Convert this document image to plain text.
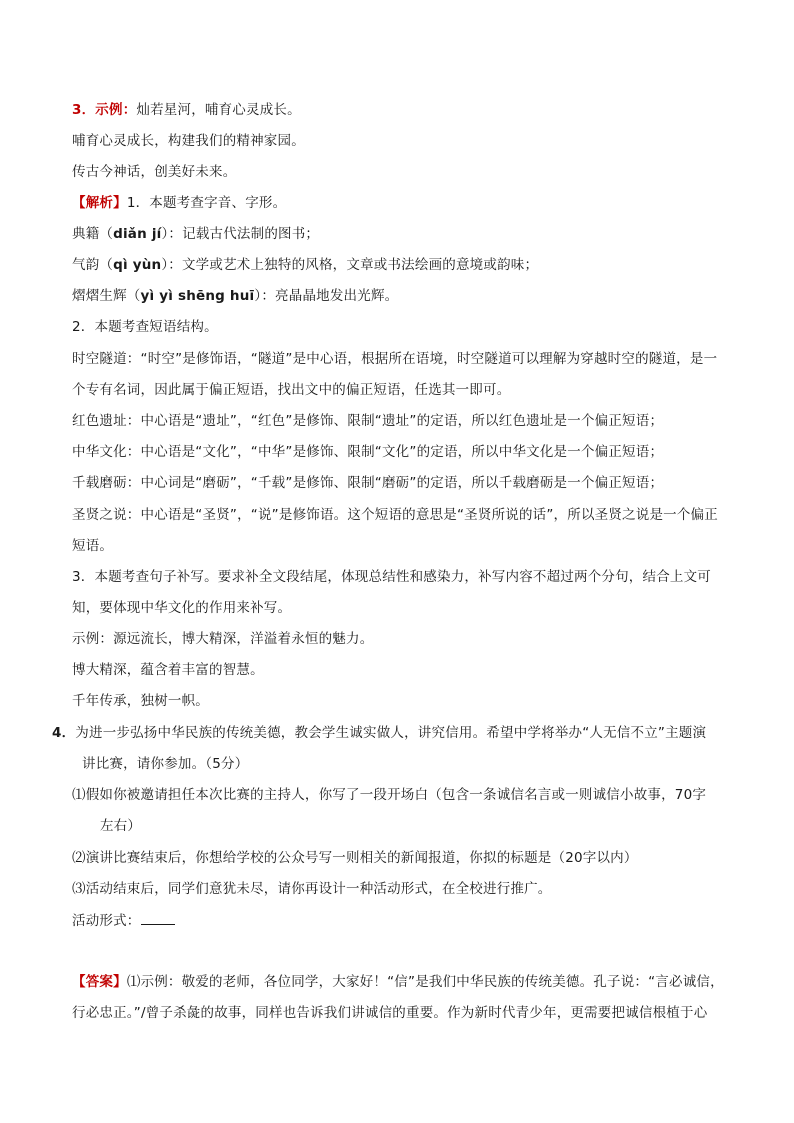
3．示例：灿若星河，哺育心灵成长。

哺育心灵成长，构建我们的精神家园。

传古今神话，创美好未来。

【解析】1．本题考查字音、字形。

典籍（diǎn jí）：记载古代法制的图书；

气韵（qì yùn）：文学或艺术上独特的风格，文章或书法绘画的意境或韵味；

熠熠生辉（yì yì shēng huī）：亮晶晶地发出光辉。

2．本题考查短语结构。

时空隧道：“时空”是修饰语，“隧道”是中心语，根据所在语境，时空隧道可以理解为穿越时空的隧道，是一

个专有名词，因此属于偏正短语，找出文中的偏正短语，任选其一即可。

红色遗址：中心语是“遗址”，“红色”是修饰、限制“遗址”的定语，所以红色遗址是一个偏正短语；

中华文化：中心语是“文化”，“中华”是修饰、限制“文化”的定语，所以中华文化是一个偏正短语；

千载磨砺：中心词是“磨砺”，“千载”是修饰、限制“磨砺”的定语，所以千载磨砺是一个偏正短语；

圣贤之说：中心语是“圣贤”，“说”是修饰语。这个短语的意思是“圣贤所说的话”，所以圣贤之说是一个偏正

短语。

3．本题考查句子补写。要求补全文段结尾，体现总结性和感染力，补写内容不超过两个分句，结合上文可

知，要体现中华文化的作用来补写。

示例：源远流长，博大精深，洋溢着永恒的魅力。

博大精深，蕴含着丰富的智慧。

千年传承，独树一帜。

4．为进一步弘扬中华民族的传统美德，教会学生诚实做人，讲究信用。希望中学将举办“人无信不立”主题演

讲比赛，请你参加。（5分）

⑴假如你被邀请担任本次比赛的主持人，你写了一段开场白（包含一条诚信名言或一则诚信小故事，70字

左右）

⑵演讲比赛结束后，你想给学校的公众号写一则相关的新闻报道，你拟的标题是（20字以内）

⑶活动结束后，同学们意犹未尽，请你再设计一种活动形式，在全校进行推广。

活动形式：

【答案】⑴示例：敬爱的老师，各位同学，大家好！“信”是我们中华民族的传统美德。孔子说：“言必诚信，

行必忠正。”/曾子杀彘的故事，同样也告诉我们讲诚信的重要。作为新时代青少年，更需要把诚信根植于心
